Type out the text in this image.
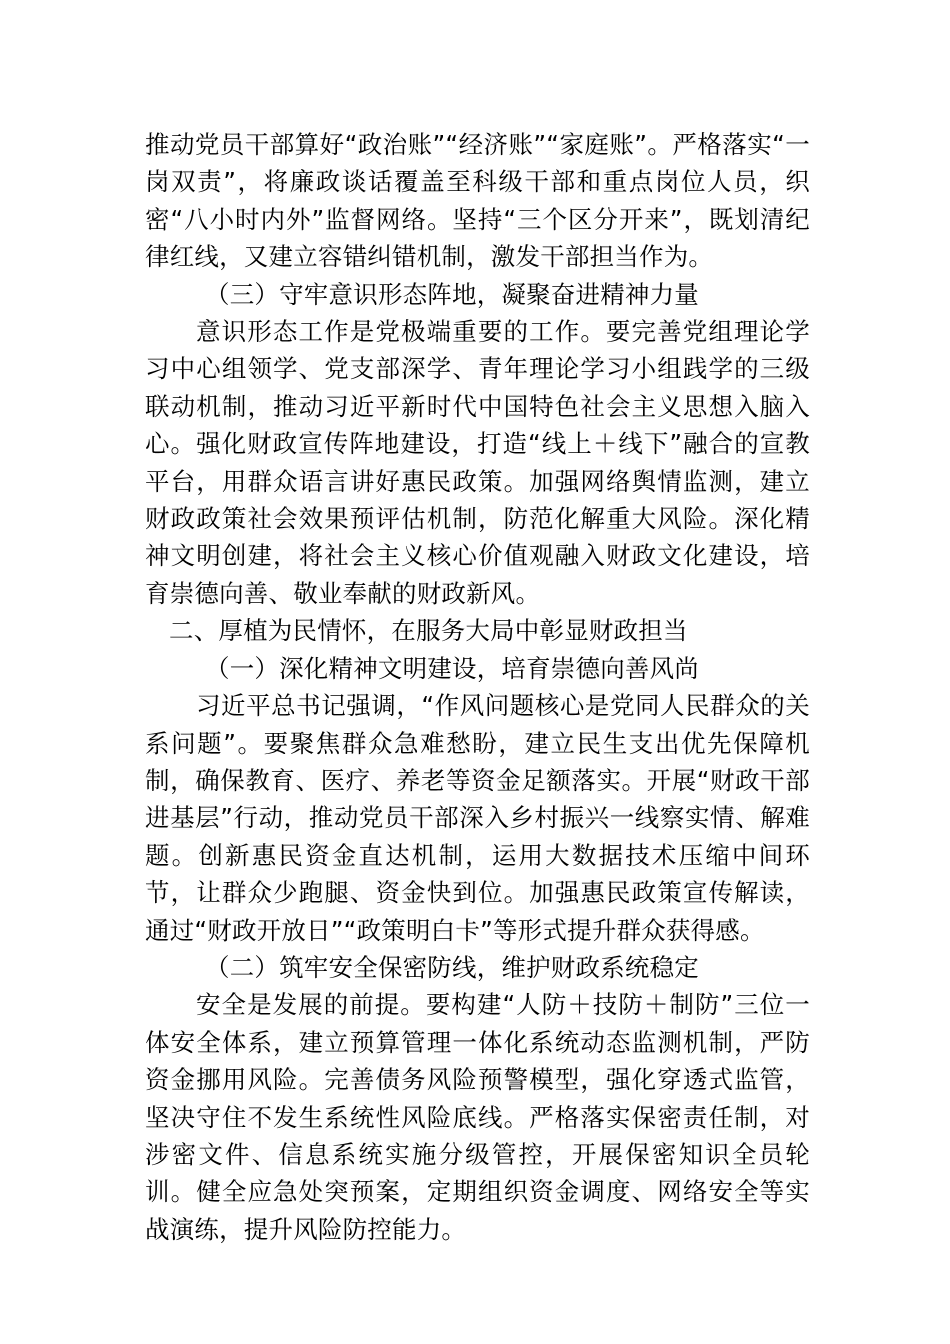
推动党员干部算好“政治账”“经济账”“家庭账”。严格落实“一岗双责”，将廉政谈话覆盖至科级干部和重点岗位人员，织密“八小时内外”监督网络。坚持“三个区分开来”，既划清纪律红线，又建立容错纠错机制，激发干部担当作为。

（三）守牢意识形态阵地，凝聚奋进精神力量

意识形态工作是党极端重要的工作。要完善党组理论学习中心组领学、党支部深学、青年理论学习小组践学的三级联动机制，推动习近平新时代中国特色社会主义思想入脑入心。强化财政宣传阵地建设，打造“线上＋线下”融合的宣教平台，用群众语言讲好惠民政策。加强网络舆情监测，建立财政政策社会效果预评估机制，防范化解重大风险。深化精神文明创建，将社会主义核心价值观融入财政文化建设，培育崇德向善、敬业奉献的财政新风。

二、厚植为民情怀，在服务大局中彰显财政担当

（一）深化精神文明建设，培育崇德向善风尚

习近平总书记强调，“作风问题核心是党同人民群众的关系问题”。要聚焦群众急难愁盼，建立民生支出优先保障机制，确保教育、医疗、养老等资金足额落实。开展“财政干部进基层”行动，推动党员干部深入乡村振兴一线察实情、解难题。创新惠民资金直达机制，运用大数据技术压缩中间环节，让群众少跑腿、资金快到位。加强惠民政策宣传解读，通过“财政开放日”“政策明白卡”等形式提升群众获得感。

（二）筑牢安全保密防线，维护财政系统稳定

安全是发展的前提。要构建“人防＋技防＋制防”三位一体安全体系，建立预算管理一体化系统动态监测机制，严防资金挪用风险。完善债务风险预警模型，强化穿透式监管，坚决守住不发生系统性风险底线。严格落实保密责任制，对涉密文件、信息系统实施分级管控，开展保密知识全员轮训。健全应急处突预案，定期组织资金调度、网络安全等实战演练，提升风险防控能力。
